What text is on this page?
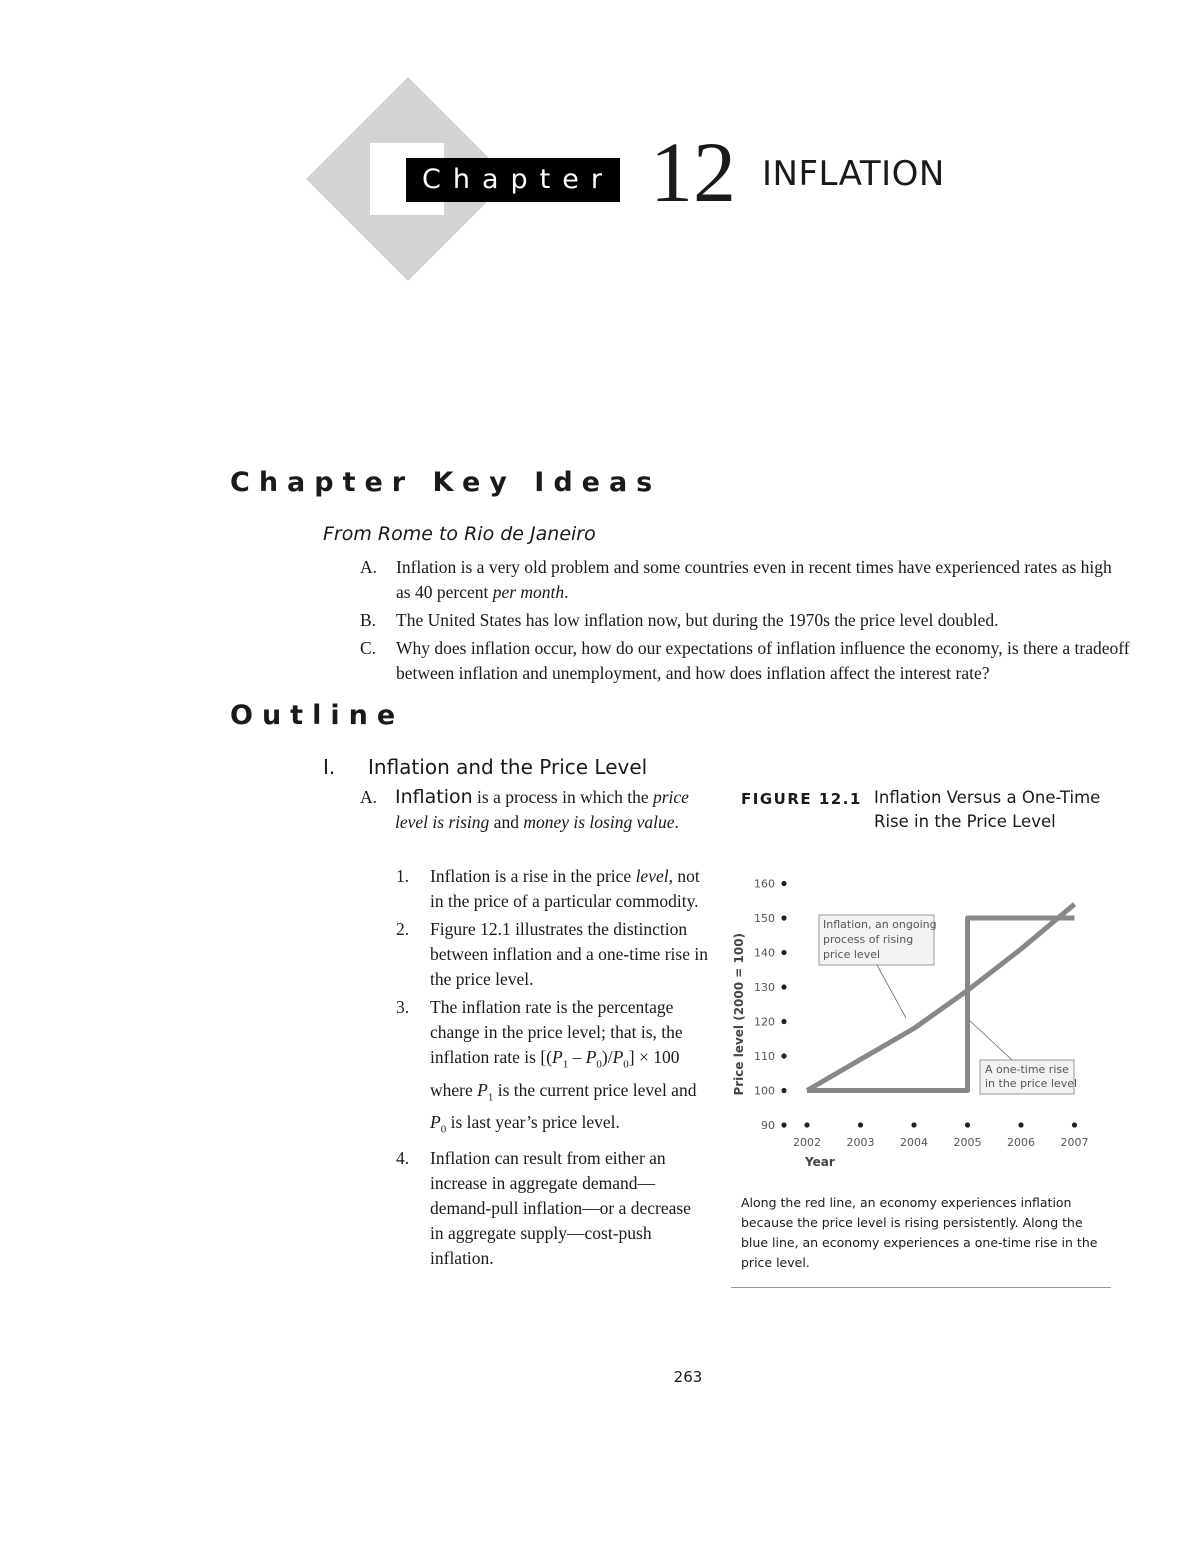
Chapter 12 INFLATION
Chapter Key Ideas
From Rome to Rio de Janeiro
A. Inflation is a very old problem and some countries even in recent times have experienced rates as high as 40 percent per month.
B. The United States has low inflation now, but during the 1970s the price level doubled.
C. Why does inflation occur, how do our expectations of inflation influence the economy, is there a tradeoff between inflation and unemployment, and how does inflation affect the interest rate?
Outline
I. Inflation and the Price Level
A. Inflation is a process in which the price level is rising and money is losing value.
1. Inflation is a rise in the price level, not in the price of a particular commodity.
2. Figure 12.1 illustrates the distinction between inflation and a one-time rise in the price level.
3. The inflation rate is the percentage change in the price level; that is, the inflation rate is $[(P_1 - P_0)/P_0] \times 100$ where $P_1$ is the current price level and $P_0$ is last year’s price level.
4. Inflation can result from either an increase in aggregate demand—demand-pull inflation—or a decrease in aggregate supply—cost-push inflation.
FIGURE 12.1 Inflation Versus a One-Time Rise in the Price Level
90
100
110
120
130
140
150
160
2002 2003 2004 2005 2006 2007
Year
Price level (2000 = 100)
Inflation, an ongoing
process of rising
price level
A one-time rise
in the price level
Along the red line, an economy experiences inflation because the price level is rising persistently. Along the blue line, an economy experiences a one-time rise in the price level.
263
